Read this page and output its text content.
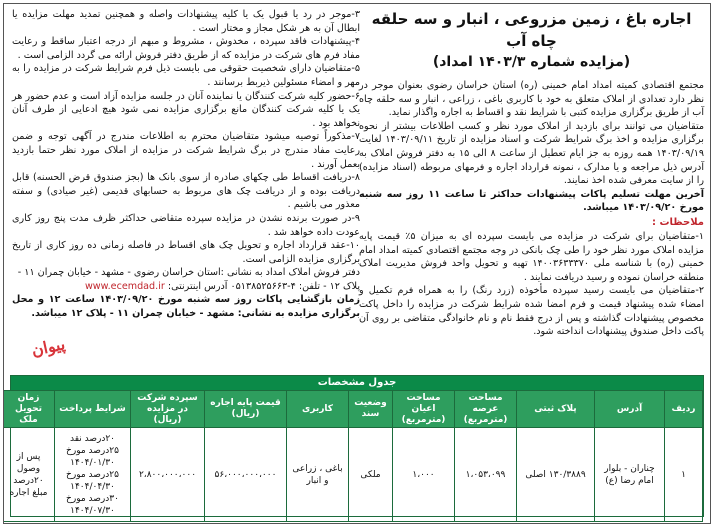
اجاره باغ ، زمین مزروعی ، انبار و سه حلقه چاه آب
(مزایده شماره ۱۴۰۳/۳ امداد)

مجتمع اقتصادی کمیته امداد امام خمینی (ره) استان خراسان رضوی بعنوان موجر در نظر دارد تعدادی از املاک متعلق به خود با کاربری باغی ، زراعی ، انبار و سه حلقه چاه آب از طریق برگزاری مزایده کتبی با شرایط نقد و اقساط به اجاره واگذار نماید.

متقاضیان می توانند برای بازدید از املاک مورد نظر و کسب اطلاعات بیشتر از نحوه برگزاری مزایده و اخذ برگ شرایط شرکت و اسناد مزایده از تاریخ ۱۴۰۳/۰۹/۱۱ لغایت ۱۴۰۳/۰۹/۱۹ همه روزه به جز ایام تعطیل از ساعت ۸ الی ۱۵ به دفتر فروش املاک به آدرس ذیل مراجعه و یا مدارک ، نمونه قرارداد اجاره و فرمهای مربوطه (اسناد مزایده) را از سایت معرفی شده اخذ نمایند.

آخرین مهلت تسلیم پاکات پیشنهادات حداکثر تا ساعت ۱۱ روز سه شنبه مورخ ۱۴۰۳/۰۹/۲۰ میباشد.

ملاحظات :

۱-متقاضیان برای شرکت در مزایده می بایست سپرده ای به میزان ۵٪ قیمت پایه مزایده املاک مورد نظر خود را طی چک بانکی در وجه مجتمع اقتصادی کمیته امداد امام خمینی (ره) با شناسه ملی ۱۴۰۰۳۶۳۳۳۷۰ تهیه و تحویل واحد فروش مدیریت املاک منطقه خراسان نموده و رسید دریافت نمایند .

۲-متقاضیان می بایست رسید سپرده مأخوذه (زرد رنگ) را به همراه فرم تکمیل و امضاء شده پیشنهاد قیمت و فرم امضا شده شرایط شرکت در مزایده را داخل پاکت مخصوص پیشنهادات گذاشته و پس از درج فقط نام و نام خانوادگی متقاضی بر روی آن پاکت داخل صندوق پیشنهادات انداخته شود.

۳-موجر در رد یا قبول یک یا کلیه پیشنهادات واصله و همچنین تمدید مهلت مزایده یا ابطال آن به هر شکل مجاز و مختار است .

۴-پیشنهادات فاقد سپرده ، مخدوش ، مشروط و مبهم از درجه اعتبار ساقط و رعایت مفاد فرم های شرکت در مزایده که از طریق دفتر فروش ارائه می گردد الزامی است .

۵-متقاضیان دارای شخصیت حقوقی می بایست ذیل فرم شرایط شرکت در مزایده را به مهر و امضاء مسئولین ذیربط برسانند .

۶-حضور کلیه شرکت کنندگان یا نماینده آنان در جلسه مزایده آزاد است و عدم حضور هر یک یا کلیه شرکت کنندگان مانع برگزاری مزایده نمی شود هیچ ادعایی از طرف آنان نخواهد بود .

۷-مذکوراً توصیه میشود متقاضیان محترم به اطلاعات مندرج در آگهی توجه و ضمن رعایت مفاد مندرج در برگ شرایط شرکت در مزایده از املاک مورد نظر حتما بازدید بعمل آورند .

۸-دریافت اقساط طی چکهای صادره از سوی بانک ها (بجز صندوق قرض الحسنه) قابل دریافت بوده و از دریافت چک های مربوط به حسابهای قدیمی (غیر صیادی) و سفته معذور می باشیم .

۹-در صورت برنده نشدن در مزایده سپرده متقاضی حداکثر ظرف مدت پنج روز کاری عودت داده خواهد شد .

۱۰-عقد قرارداد اجاره و تحویل چک های اقساط در فاصله زمانی ده روز کاری از تاریخ برگزاری مزایده الزامی است.

دفتر فروش املاک امداد به نشانی :استان خراسان رضوی - مشهد - خیابان چمران ۱۱ -

پلاک ۱۲ - تلفن: ۴-۰۵۱۳۸۵۲۵۶۶۳ آدرس اینترنتی: www.ecemdad.ir

زمان بازگشایی پاکات روز سه شنبه مورخ ۱۴۰۳/۰۹/۲۰ ساعت ۱۲ و محل برگزاری مزایده به نشانی: مشهد - خیابان چمران ۱۱ - پلاک ۱۲ میباشد.

پیوان
جدول مشخصات
ردیف	آدرس	پلاک ثبتی	مساحت عرصه (مترمربع)	مساحت اعیان (مترمربع)	وضعیت سند	کاربری	قیمت پایه اجاره (ریال)	سپرده شرکت در مزایده (ریال)	شرایط پرداخت	زمان تحویل ملک
۱	چناران - بلوار امام رضا (ع)	۱۳۰/۳۸۸۹ اصلی	۱،۰۵۳،۰۹۹	۱،۰۰۰	ملکی	باغی ، زراعی و انبار	۵۶،۰۰۰،۰۰۰،۰۰۰	۲،۸۰۰،۰۰۰،۰۰۰	۲۰درصد نقد
۲۵درصد مورخ ۱۴۰۴/۰۱/۳۰
۲۵درصد مورخ ۱۴۰۴/۰۴/۳۰
۳۰درصد مورخ ۱۴۰۴/۰۷/۳۰	پس از وصول ۲۰درصد مبلغ اجاره
